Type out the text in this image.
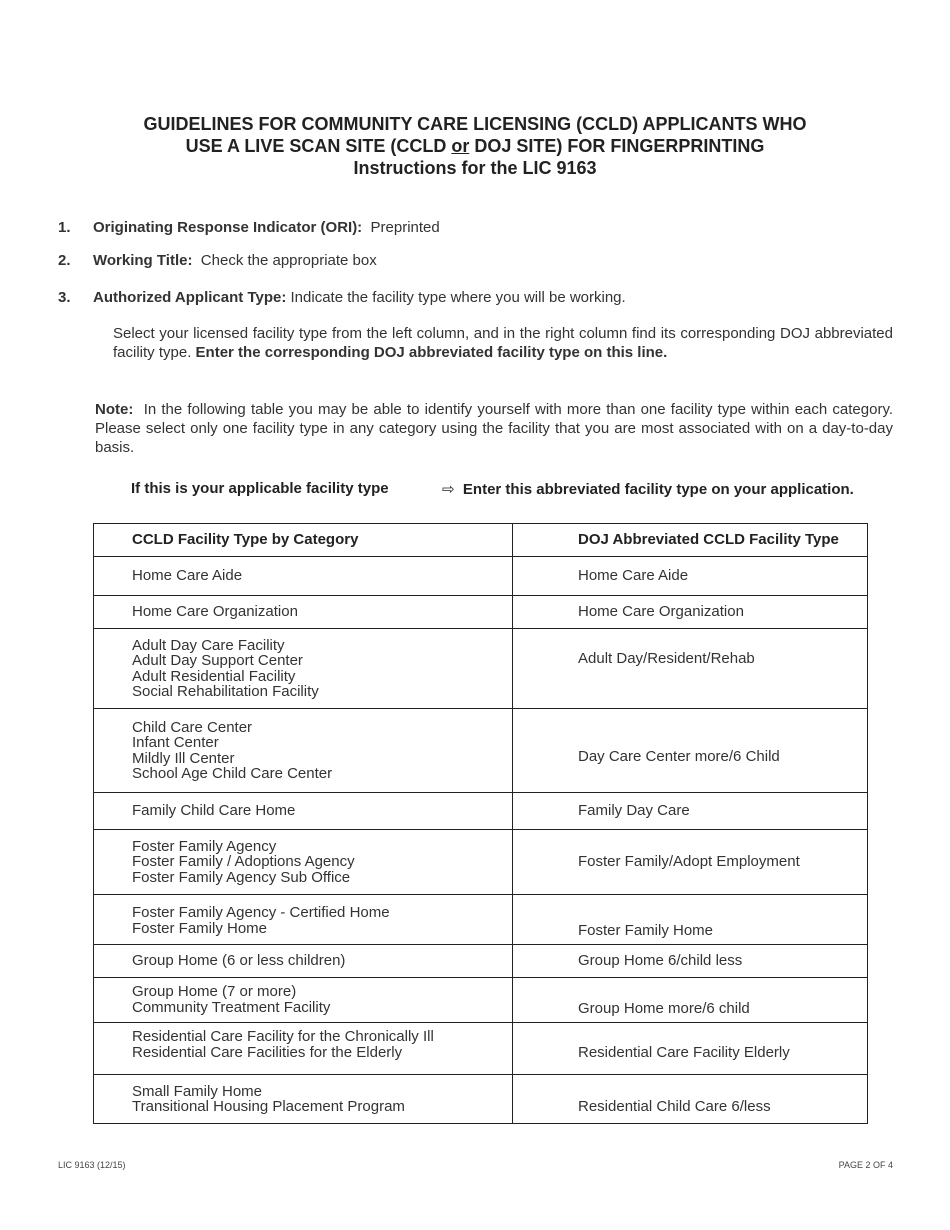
GUIDELINES FOR COMMUNITY CARE LICENSING (CCLD) APPLICANTS WHO
USE A LIVE SCAN SITE (CCLD or DOJ SITE) FOR FINGERPRINTING
Instructions for the LIC 9163
1. Originating Response Indicator (ORI): Preprinted
2. Working Title: Check the appropriate box
3. Authorized Applicant Type: Indicate the facility type where you will be working.
Select your licensed facility type from the left column, and in the right column find its corresponding DOJ abbreviated facility type. Enter the corresponding DOJ abbreviated facility type on this line.
Note: In the following table you may be able to identify yourself with more than one facility type within each category. Please select only one facility type in any category using the facility that you are most associated with on a day-to-day basis.
If this is your applicable facility type	⇨ Enter this abbreviated facility type on your application.
CCLD Facility Type by Category	DOJ Abbreviated CCLD Facility Type

Home Care Aide	Home Care Aide

Home Care Organization	Home Care Organization

Adult Day Care Facility
Adult Day Support Center
Adult Residential Facility
Social Rehabilitation Facility	Adult Day/Resident/Rehab

Child Care Center
Infant Center
Mildly Ill Center
School Age Child Care Center	Day Care Center more/6 Child

Family Child Care Home	Family Day Care

Foster Family Agency
Foster Family / Adoptions Agency
Foster Family Agency Sub Office	Foster Family/Adopt Employment

Foster Family Agency - Certified Home
Foster Family Home	Foster Family Home

Group Home (6 or less children)	Group Home 6/child less

Group Home (7 or more)
Community Treatment Facility	Group Home more/6 child

Residential Care Facility for the Chronically Ill
Residential Care Facilities for the Elderly	Residential Care Facility Elderly

Small Family Home
Transitional Housing Placement Program	Residential Child Care 6/less
LIC 9163 (12/15)	PAGE 2 OF 4
